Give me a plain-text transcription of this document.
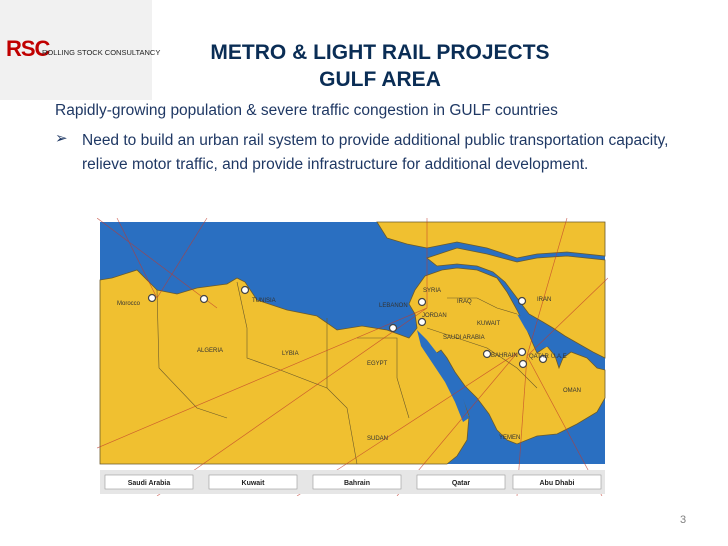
RSC
ROLLING STOCK CONSULTANCY	METRO & LIGHT RAIL PROJECTS
GULF AREA
Rapidly-growing population & severe traffic congestion in GULF countries
➢ Need to build an urban rail system to provide additional public transportation capacity, relieve motor traffic, and provide infrastructure for additional development.
Morocco	TUNISIA
ALGERIA	LYBIA
EGYPT
SUDAN
LEBANON
SYRIA
IRAQ
JORDAN
KUWAIT
SAUDI ARABIA
BAHRAIN QATAR U.A.E
OMAN
YEMEN
IRAN
Saudi Arabia	Kuwait	Bahrain	Qatar	Abu Dhabi
3
